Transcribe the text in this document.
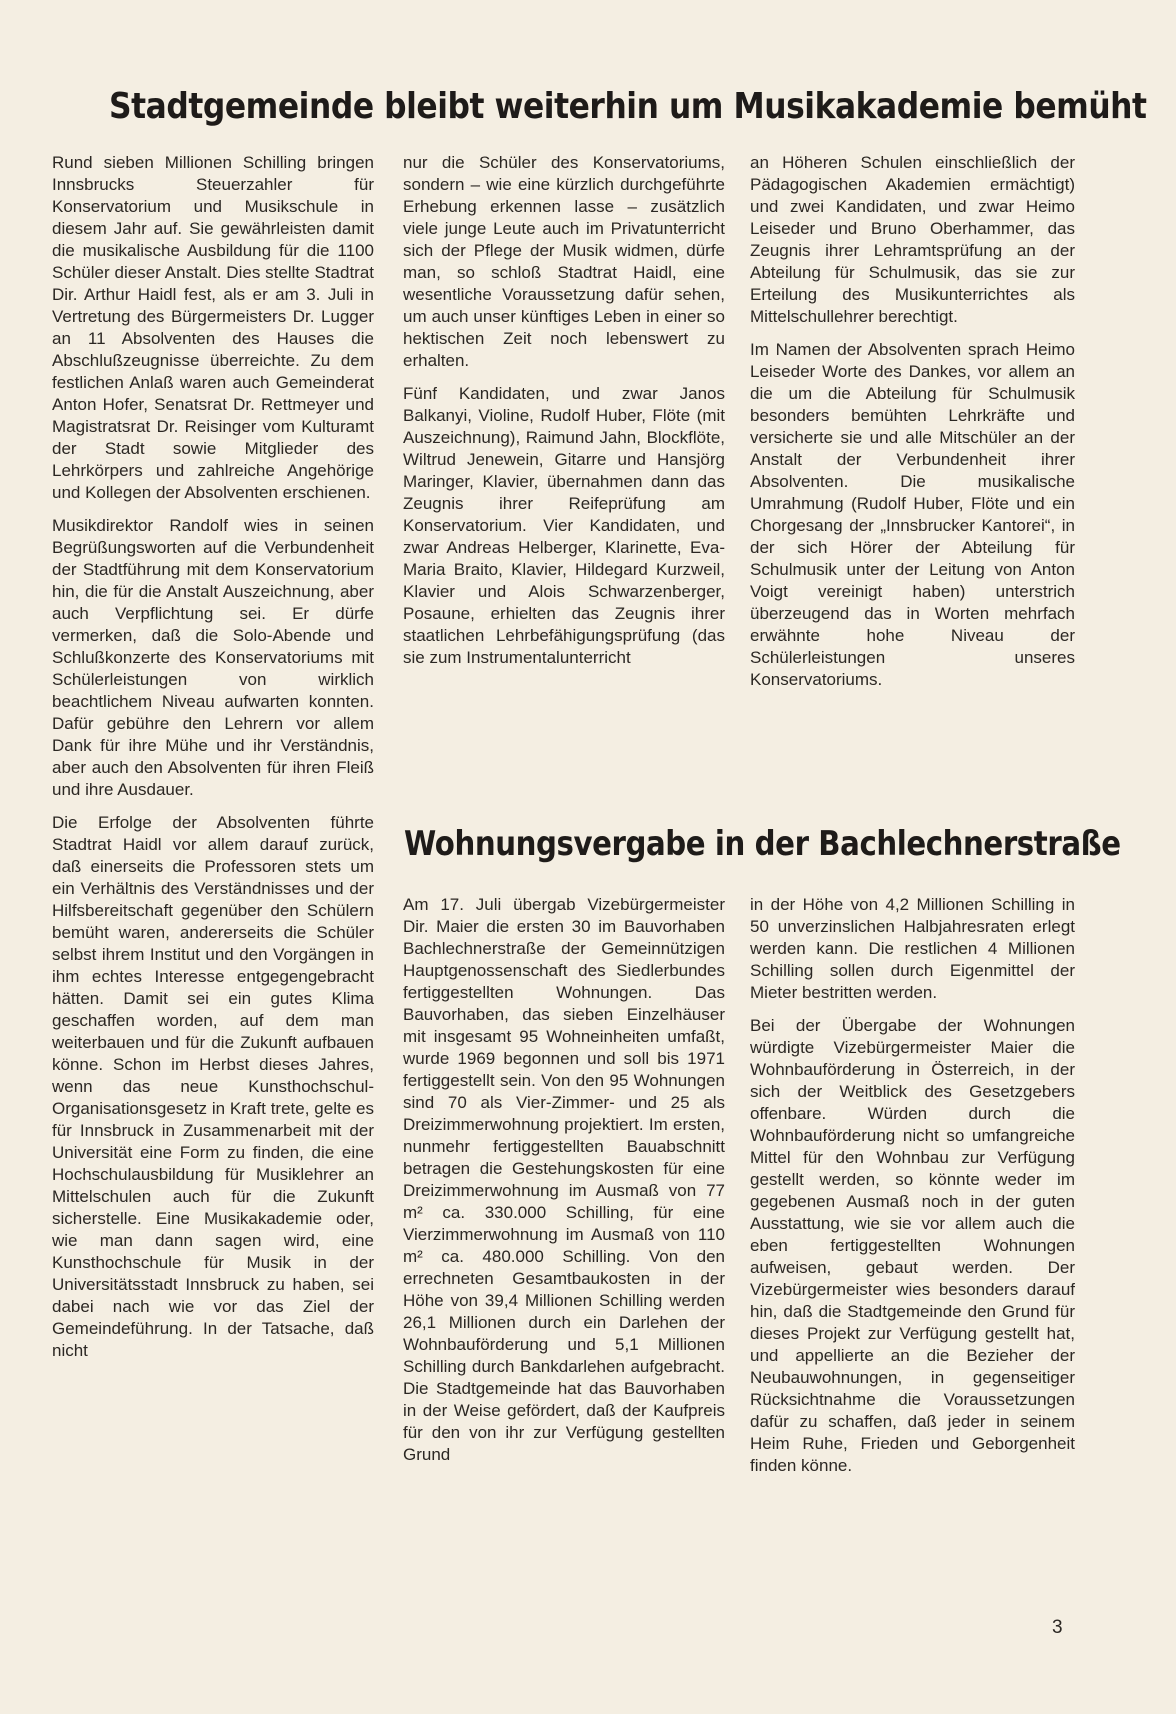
Stadtgemeinde bleibt weiterhin um Musikakademie bemüht

Rund sieben Millionen Schilling bringen Innsbrucks Steuerzahler für Konservatorium und Musikschule in diesem Jahr auf. Sie gewährleisten damit die musikalische Ausbildung für die 1100 Schüler dieser Anstalt. Dies stellte Stadtrat Dir. Arthur Haidl fest, als er am 3. Juli in Vertretung des Bürgermeisters Dr. Lugger an 11 Absolventen des Hauses die Abschlußzeugnisse überreichte. Zu dem festlichen Anlaß waren auch Gemeinderat Anton Hofer, Senatsrat Dr. Rettmeyer und Magistratsrat Dr. Reisinger vom Kulturamt der Stadt sowie Mitglieder des Lehrkörpers und zahlreiche Angehörige und Kollegen der Absolventen erschienen.

Musikdirektor Randolf wies in seinen Begrüßungsworten auf die Verbundenheit der Stadtführung mit dem Konservatorium hin, die für die Anstalt Auszeichnung, aber auch Verpflichtung sei. Er dürfe vermerken, daß die Solo-Abende und Schlußkonzerte des Konservatoriums mit Schülerleistungen von wirklich beachtlichem Niveau aufwarten konnten. Dafür gebühre den Lehrern vor allem Dank für ihre Mühe und ihr Verständnis, aber auch den Absolventen für ihren Fleiß und ihre Ausdauer.

Die Erfolge der Absolventen führte Stadtrat Haidl vor allem darauf zurück, daß einerseits die Professoren stets um ein Verhältnis des Verständnisses und der Hilfsbereitschaft gegenüber den Schülern bemüht waren, andererseits die Schüler selbst ihrem Institut und den Vorgängen in ihm echtes Interesse entgegengebracht hätten. Damit sei ein gutes Klima geschaffen worden, auf dem man weiterbauen und für die Zukunft aufbauen könne. Schon im Herbst dieses Jahres, wenn das neue Kunsthochschul-Organisationsgesetz in Kraft trete, gelte es für Innsbruck in Zusammenarbeit mit der Universität eine Form zu finden, die eine Hochschulausbildung für Musiklehrer an Mittelschulen auch für die Zukunft sicherstelle. Eine Musikakademie oder, wie man dann sagen wird, eine Kunsthochschule für Musik in der Universitätsstadt Innsbruck zu haben, sei dabei nach wie vor das Ziel der Gemeindeführung. In der Tatsache, daß nicht

nur die Schüler des Konservatoriums, sondern – wie eine kürzlich durchgeführte Erhebung erkennen lasse – zusätzlich viele junge Leute auch im Privatunterricht sich der Pflege der Musik widmen, dürfe man, so schloß Stadtrat Haidl, eine wesentliche Voraussetzung dafür sehen, um auch unser künftiges Leben in einer so hektischen Zeit noch lebenswert zu erhalten.

Fünf Kandidaten, und zwar Janos Balkanyi, Violine, Rudolf Huber, Flöte (mit Auszeichnung), Raimund Jahn, Blockflöte, Wiltrud Jenewein, Gitarre und Hansjörg Maringer, Klavier, übernahmen dann das Zeugnis ihrer Reifeprüfung am Konservatorium. Vier Kandidaten, und zwar Andreas Helberger, Klarinette, Eva-Maria Braito, Klavier, Hildegard Kurzweil, Klavier und Alois Schwarzenberger, Posaune, erhielten das Zeugnis ihrer staatlichen Lehrbefähigungsprüfung (das sie zum Instrumentalunterricht

an Höheren Schulen einschließlich der Pädagogischen Akademien ermächtigt) und zwei Kandidaten, und zwar Heimo Leiseder und Bruno Oberhammer, das Zeugnis ihrer Lehramtsprüfung an der Abteilung für Schulmusik, das sie zur Erteilung des Musikunterrichtes als Mittelschullehrer berechtigt.

Im Namen der Absolventen sprach Heimo Leiseder Worte des Dankes, vor allem an die um die Abteilung für Schulmusik besonders bemühten Lehrkräfte und versicherte sie und alle Mitschüler an der Anstalt der Verbundenheit ihrer Absolventen. Die musikalische Umrahmung (Rudolf Huber, Flöte und ein Chorgesang der „Innsbrucker Kantorei“, in der sich Hörer der Abteilung für Schulmusik unter der Leitung von Anton Voigt vereinigt haben) unterstrich überzeugend das in Worten mehrfach erwähnte hohe Niveau der Schülerleistungen unseres Konservatoriums.

Wohnungsvergabe in der Bachlechnerstraße

Am 17. Juli übergab Vizebürgermeister Dir. Maier die ersten 30 im Bauvorhaben Bachlechnerstraße der Gemeinnützigen Hauptgenossenschaft des Siedlerbundes fertiggestellten Wohnungen. Das Bauvorhaben, das sieben Einzelhäuser mit insgesamt 95 Wohneinheiten umfaßt, wurde 1969 begonnen und soll bis 1971 fertiggestellt sein. Von den 95 Wohnungen sind 70 als Vier-Zimmer- und 25 als Dreizimmerwohnung projektiert. Im ersten, nunmehr fertiggestellten Bauabschnitt betragen die Gestehungskosten für eine Dreizimmerwohnung im Ausmaß von 77 m² ca. 330.000 Schilling, für eine Vierzimmerwohnung im Ausmaß von 110 m² ca. 480.000 Schilling. Von den errechneten Gesamtbaukosten in der Höhe von 39,4 Millionen Schilling werden 26,1 Millionen durch ein Darlehen der Wohnbauförderung und 5,1 Millionen Schilling durch Bankdarlehen aufgebracht. Die Stadtgemeinde hat das Bauvorhaben in der Weise gefördert, daß der Kaufpreis für den von ihr zur Verfügung gestellten Grund

in der Höhe von 4,2 Millionen Schilling in 50 unverzinslichen Halbjahresraten erlegt werden kann. Die restlichen 4 Millionen Schilling sollen durch Eigenmittel der Mieter bestritten werden.

Bei der Übergabe der Wohnungen würdigte Vizebürgermeister Maier die Wohnbauförderung in Österreich, in der sich der Weitblick des Gesetzgebers offenbare. Würden durch die Wohnbauförderung nicht so umfangreiche Mittel für den Wohnbau zur Verfügung gestellt werden, so könnte weder im gegebenen Ausmaß noch in der guten Ausstattung, wie sie vor allem auch die eben fertiggestellten Wohnungen aufweisen, gebaut werden. Der Vizebürgermeister wies besonders darauf hin, daß die Stadtgemeinde den Grund für dieses Projekt zur Verfügung gestellt hat, und appellierte an die Bezieher der Neubauwohnungen, in gegenseitiger Rücksichtnahme die Voraussetzungen dafür zu schaffen, daß jeder in seinem Heim Ruhe, Frieden und Geborgenheit finden könne.

3
